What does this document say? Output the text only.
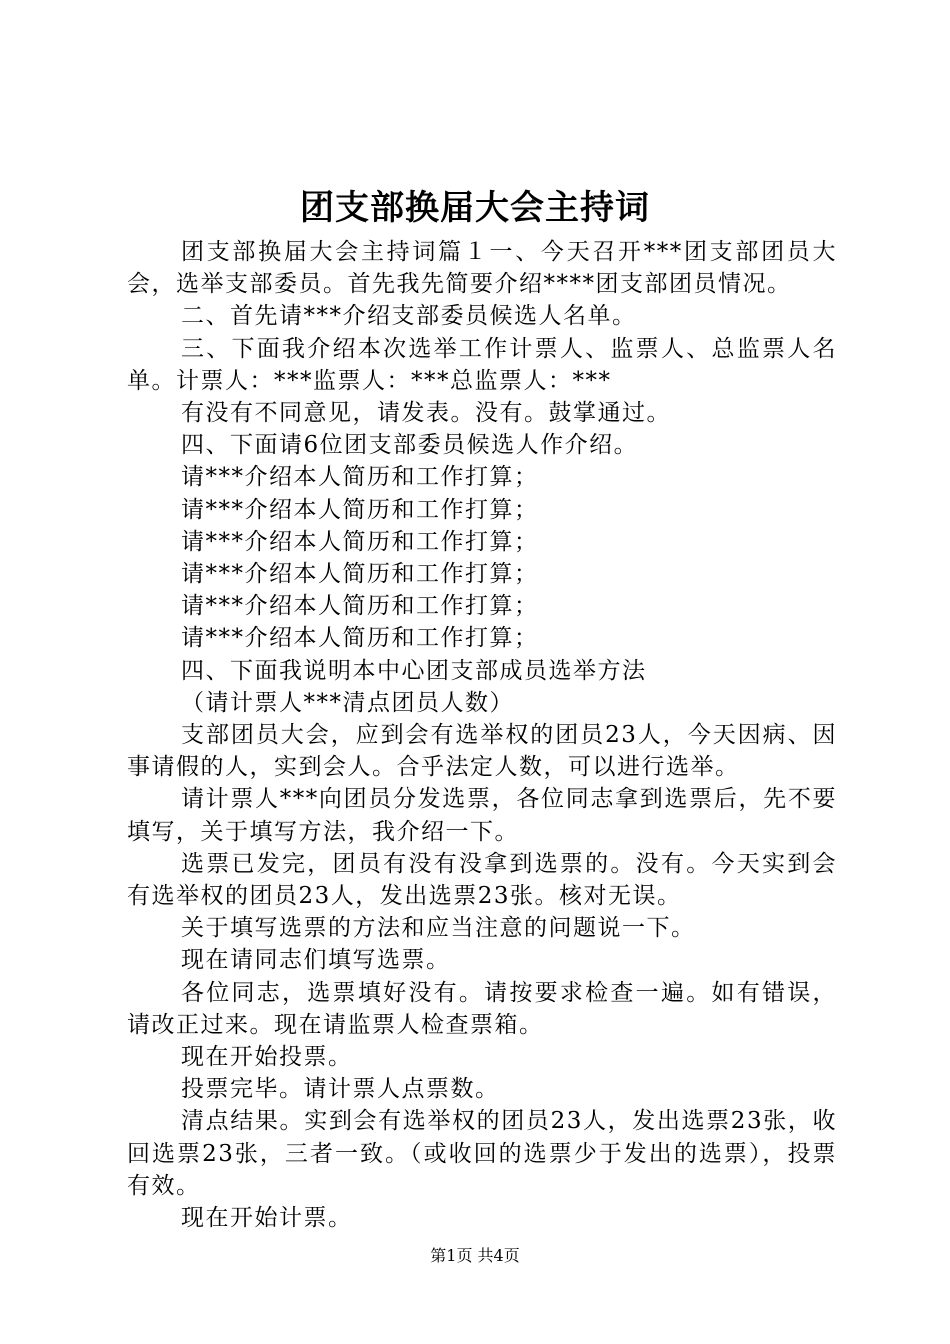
团支部换届大会主持词

团支部换届大会主持词篇１一、今天召开***团支部团员大会，选举支部委员。首先我先简要介绍****团支部团员情况。

二、首先请***介绍支部委员候选人名单。

三、下面我介绍本次选举工作计票人、监票人、总监票人名单。计票人：***监票人：***总监票人：***

有没有不同意见，请发表。没有。鼓掌通过。

四、下面请6位团支部委员候选人作介绍。

请***介绍本人简历和工作打算；

请***介绍本人简历和工作打算；

请***介绍本人简历和工作打算；

请***介绍本人简历和工作打算；

请***介绍本人简历和工作打算；

请***介绍本人简历和工作打算；

四、下面我说明本中心团支部成员选举方法

（请计票人***清点团员人数）

支部团员大会，应到会有选举权的团员23人，今天因病、因事请假的人，实到会人。合乎法定人数，可以进行选举。

请计票人***向团员分发选票，各位同志拿到选票后，先不要填写，关于填写方法，我介绍一下。

选票已发完，团员有没有没拿到选票的。没有。今天实到会有选举权的团员23人，发出选票23张。核对无误。

关于填写选票的方法和应当注意的问题说一下。

现在请同志们填写选票。

各位同志，选票填好没有。请按要求检查一遍。如有错误，请改正过来。现在请监票人检查票箱。

现在开始投票。

投票完毕。请计票人点票数。

清点结果。实到会有选举权的团员23人，发出选票23张，收回选票23张，三者一致。（或收回的选票少于发出的选票），投票有效。

现在开始计票。

第1页 共4页
